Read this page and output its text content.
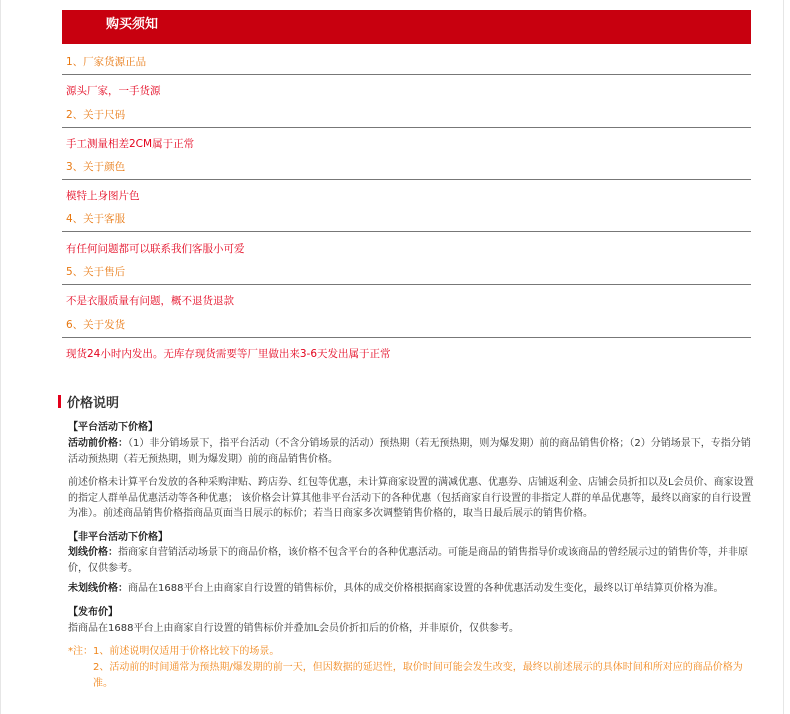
购买须知
1、厂家货源正品
源头厂家，一手货源
2、关于尺码
手工测量相差2CM属于正常
3、关于颜色
模特上身图片色
4、关于客服
有任何问题都可以联系我们客服小可爱
5、关于售后
不是衣服质量有问题，概不退货退款
6、关于发货
现货24小时内发出。无库存现货需要等厂里做出来3-6天发出属于正常
价格说明
【平台活动下价格】
活动前价格：（1）非分销场景下，指平台活动（不含分销场景的活动）预热期（若无预热期，则为爆发期）前的商品销售价格；（2）分销场景下，专指分销活动预热期（若无预热期，则为爆发期）前的商品销售价格。
前述价格未计算平台发放的各种采购津贴、跨店券、红包等优惠，未计算商家设置的满减优惠、优惠券、店铺返利金、店铺会员折扣以及L会员价、商家设置的指定人群单品优惠活动等各种优惠； 该价格会计算其他非平台活动下的各种优惠（包括商家自行设置的非指定人群的单品优惠等，最终以商家的自行设置为准）。前述商品销售价格指商品页面当日展示的标价；若当日商家多次调整销售价格的，取当日最后展示的销售价格。
【非平台活动下价格】
划线价格：指商家自营销活动场景下的商品价格，该价格不包含平台的各种优惠活动。可能是商品的销售指导价或该商品的曾经展示过的销售价等，并非原价，仅供参考。
未划线价格：商品在1688平台上由商家自行设置的销售标价，具体的成交价格根据商家设置的各种优惠活动发生变化，最终以订单结算页价格为准。
【发布价】
指商品在1688平台上由商家自行设置的销售标价并叠加L会员价折扣后的价格，并非原价，仅供参考。
*注：1、前述说明仅适用于价格比较下的场景。
2、活动前的时间通常为预热期/爆发期的前一天，但因数据的延迟性，取价时间可能会发生改变，最终以前述展示的具体时间和所对应的商品价格为准。
